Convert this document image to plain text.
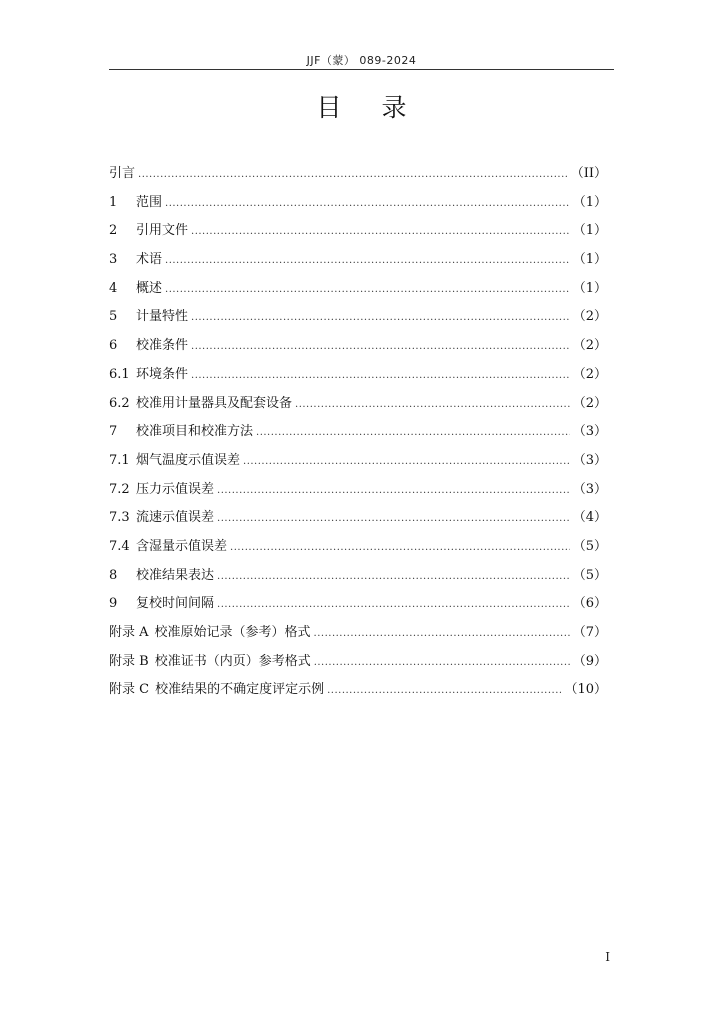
JJF（蒙） 089-2024
目录
引言 .....	（II）
1	范围 .....	（1）
2	引用文件 .....	（1）
3	术语 .....	（1）
4	概述 .....	（1）
5	计量特性 .....	（2）
6	校准条件 .....	（2）
6.1 环境条件 .....	（2）
6.2 校准用计量器具及配套设备 .....	（2）
7	校准项目和校准方法 .....	（3）
7.1 烟气温度示值误差 .....	（3）
7.2 压力示值误差 .....	（3）
7.3 流速示值误差 .....	（4）
7.4 含湿量示值误差 .....	（5）
8	校准结果表达 .....	（5）
9	复校时间间隔 .....	（6）
附录 A 校准原始记录（参考）格式 .....	（7）
附录 B 校准证书（内页）参考格式 .....	（9）
附录 C 校准结果的不确定度评定示例 .....	（10）
I
